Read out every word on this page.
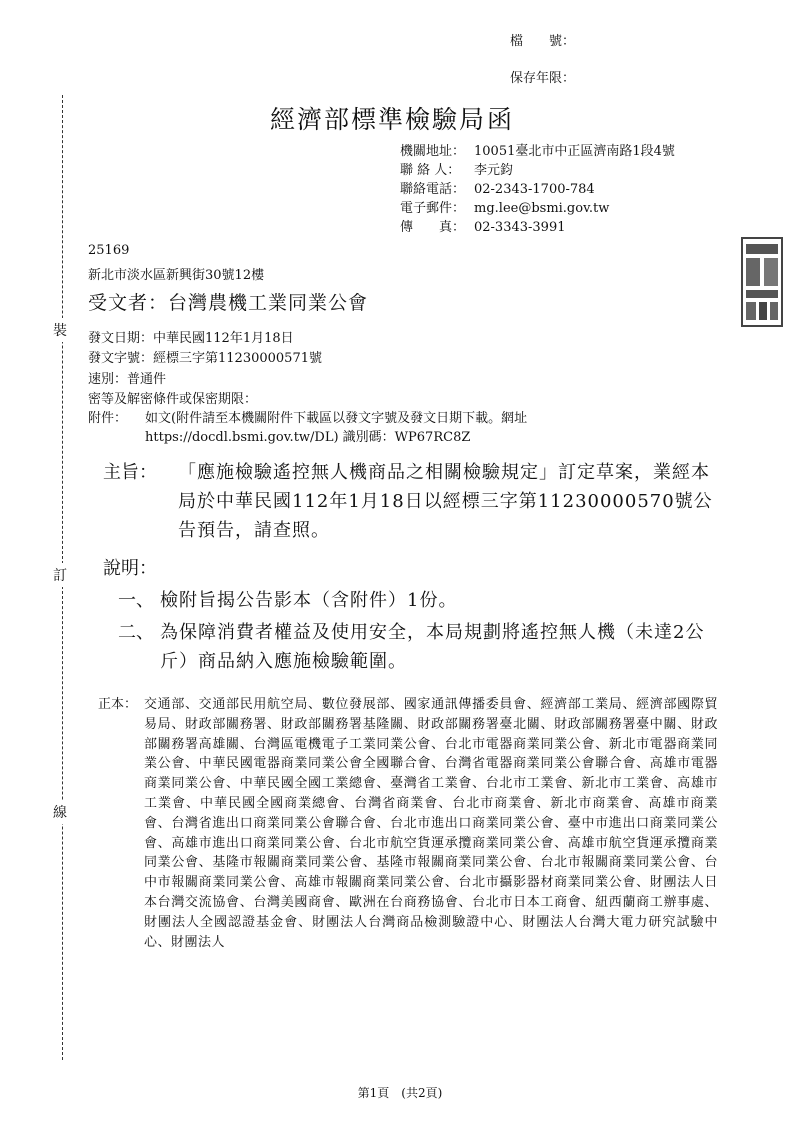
檔　　號：
保存年限：
經濟部標準檢驗局 函
機關地址： 10051臺北市中正區濟南路1段4號
聯 絡 人：	李元鈞
聯絡電話： 02-2343-1700-784
電子郵件： mg.lee@bsmi.gov.tw
傳　　真： 02-3343-3991
25169
新北市淡水區新興街30號12樓
受文者：台灣農機工業同業公會
發文日期：中華民國112年1月18日
發文字號：經標三字第11230000571號
速別：普通件
密等及解密條件或保密期限：
附件：	如文(附件請至本機關附件下載區以發文字號及發文日期下載。網址https://docdl.bsmi.gov.tw/DL) 識別碼：WP67RC8Z
主旨：	「應施檢驗遙控無人機商品之相關檢驗規定」訂定草案，業經本局於中華民國112年1月18日以經標三字第11230000570號公告預告，請查照。
說明：
一、 檢附旨揭公告影本（含附件）1份。
二、 為保障消費者權益及使用安全，本局規劃將遙控無人機（未達2公斤）商品納入應施檢驗範圍。
正本： 交通部、交通部民用航空局、數位發展部、國家通訊傳播委員會、經濟部工業局、經濟部國際貿易局、財政部關務署、財政部關務署基隆關、財政部關務署臺北關、財政部關務署臺中關、財政部關務署高雄關、台灣區電機電子工業同業公會、台北市電器商業同業公會、新北市電器商業同業公會、中華民國電器商業同業公會全國聯合會、台灣省電器商業同業公會聯合會、高雄市電器商業同業公會、中華民國全國工業總會、臺灣省工業會、台北市工業會、新北市工業會、高雄市工業會、中華民國全國商業總會、台灣省商業會、台北市商業會、新北市商業會、高雄市商業會、台灣省進出口商業同業公會聯合會、台北市進出口商業同業公會、臺中市進出口商業同業公會、高雄市進出口商業同業公會、台北市航空貨運承攬商業同業公會、高雄市航空貨運承攬商業同業公會、基隆市報關商業同業公會、基隆市報關商業同業公會、台北市報關商業同業公會、台中市報關商業同業公會、高雄市報關商業同業公會、台北市攝影器材商業同業公會、財團法人日本台灣交流協會、台灣美國商會、歐洲在台商務協會、台北市日本工商會、紐西蘭商工辦事處、財團法人全國認證基金會、財團法人台灣商品檢測驗證中心、財團法人台灣大電力研究試驗中心、財團法人
第1頁　(共2頁)
裝
訂
線
